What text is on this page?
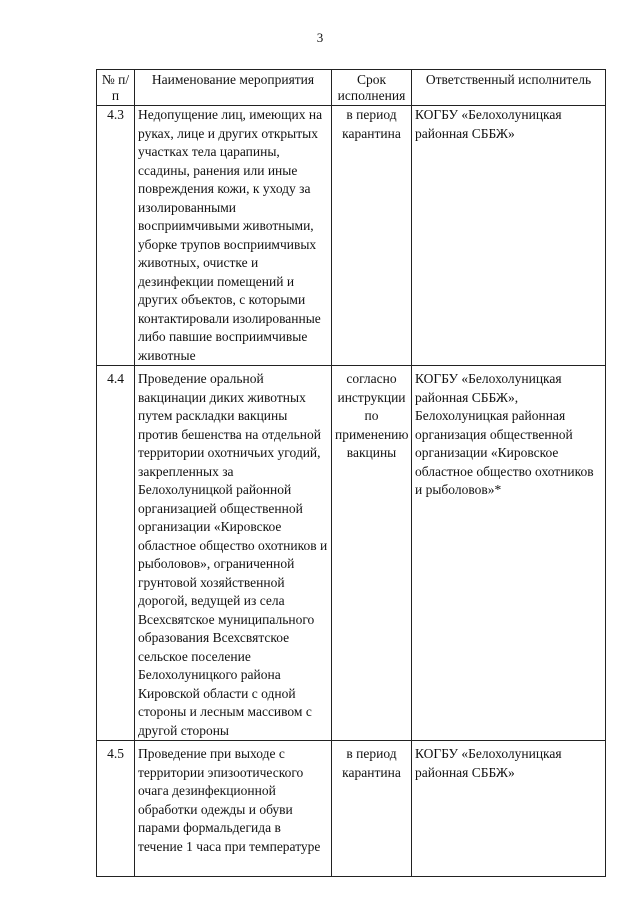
3
№ п/п	Наименование мероприятия	Срок исполнения	Ответственный исполнитель
4.3	Недопущение лиц, имеющих на руках, лице и других открытых участках тела царапины, ссадины, ранения или иные повреждения кожи, к уходу за изолированными восприимчивыми животными, уборке трупов восприимчивых животных, очистке и дезинфекции помещений и других объектов, с которыми контактировали изолированные либо павшие восприимчивые животные	в период карантина	КОГБУ «Белохолуницкая районная СББЖ»
4.4	Проведение оральной вакцинации диких животных путем раскладки вакцины против бешенства на отдельной территории охотничьих угодий, закрепленных за Белохолуницкой районной организацией общественной организации «Кировское областное общество охотников и рыболовов», ограниченной грунтовой хозяйственной дорогой, ведущей из села Всехсвятское муниципального образования Всехсвятское сельское поселение Белохолуницкого района Кировской области с одной стороны и лесным массивом с другой стороны	согласно инструкции по применению вакцины	КОГБУ «Белохолуницкая районная СББЖ», Белохолуницкая районная организация общественной организации «Кировское областное общество охотников и рыболовов»*
4.5	Проведение при выходе с территории эпизоотического очага дезинфекционной обработки одежды и обуви парами формальдегида в течение 1 часа при температуре	в период карантина	КОГБУ «Белохолуницкая районная СББЖ»
